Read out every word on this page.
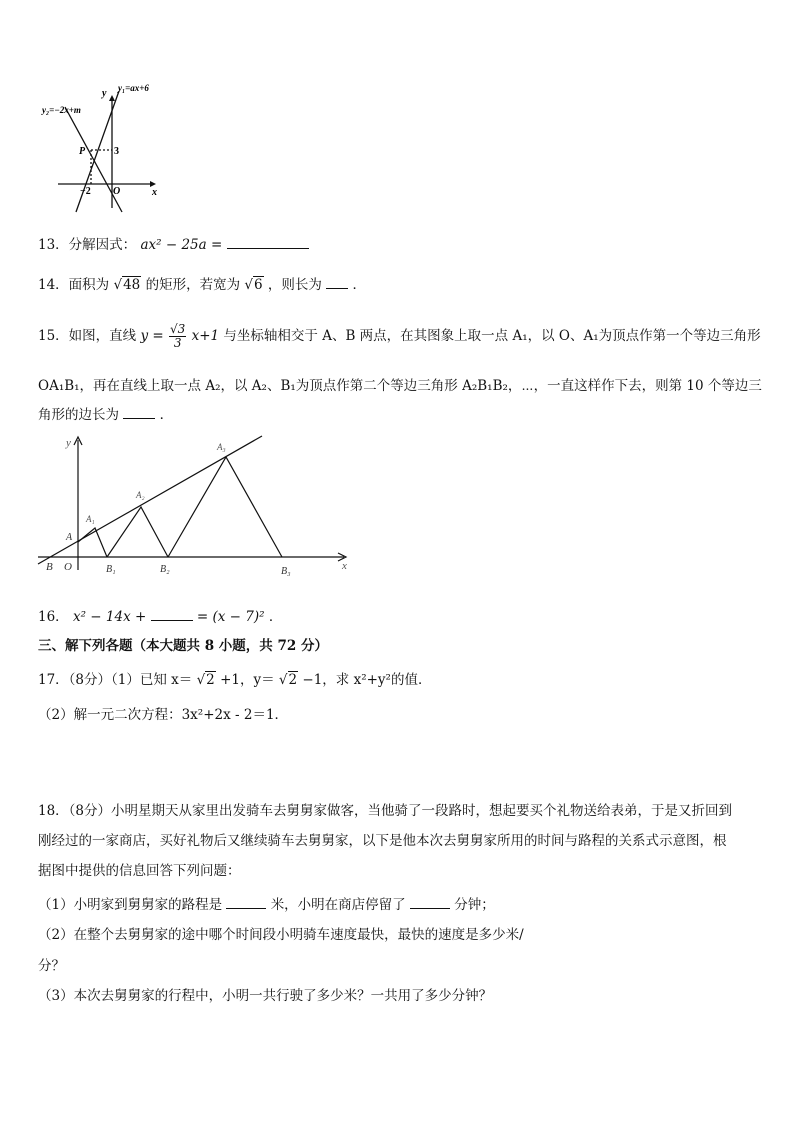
y₁=ax+6
y₂=−2x+m
y
x
O
P	3
−2
13．分解因式： ax² − 25a =
14．面积为 √48 的矩形，若宽为 √6 ，则长为 ．
15．如图，直线 $y = \frac{√3}{3} x+1$ 与坐标轴相交于 A、B 两点，在其图象上取一点 A₁，以 O、A₁为顶点作第一个等边三角形
OA₁B₁，再在直线上取一点 A₂，以 A₂、B₁为顶点作第二个等边三角形 A₂B₁B₂，⋯，一直这样作下去，则第 10 个等边三
角形的边长为	．
y
x
B O
A
A₁
A₂
A₃
B₁	B₂	B₃
16． x² − 14x +	= (x − 7)² ．
三、解下列各题（本大题共 8 小题，共 72 分）
17．（8分）（1）已知 x＝ √2 +1，y＝ √2 −1，求 x²+y²的值．
（2）解一元二次方程：3x²+2x - 2＝1．
18．（8分）小明星期天从家里出发骑车去舅舅家做客，当他骑了一段路时，想起要买个礼物送给表弟，于是又折回到
刚经过的一家商店，买好礼物后又继续骑车去舅舅家，以下是他本次去舅舅家所用的时间与路程的关系式示意图，根
据图中提供的信息回答下列问题：
（1）小明家到舅舅家的路程是	米，小明在商店停留了	分钟；
（2）在整个去舅舅家的途中哪个时间段小明骑车速度最快，最快的速度是多少米/
分？
（3）本次去舅舅家的行程中，小明一共行驶了多少米？一共用了多少分钟？
